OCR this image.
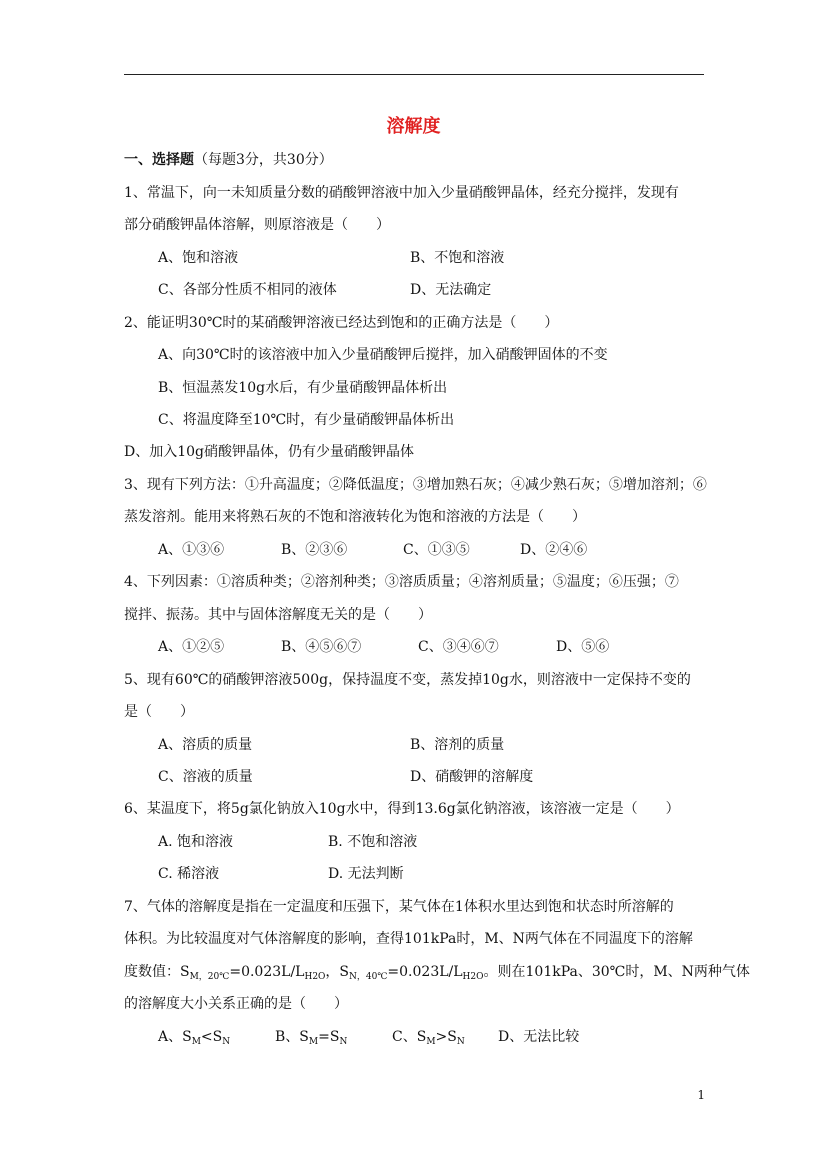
溶解度
一、选择题（每题3分，共30分）
1、常温下，向一未知质量分数的硝酸钾溶液中加入少量硝酸钾晶体，经充分搅拌，发现有
部分硝酸钾晶体溶解，则原溶液是（　　）
A、饱和溶液	B、不饱和溶液
C、各部分性质不相同的液体	D、无法确定
2、能证明30℃时的某硝酸钾溶液已经达到饱和的正确方法是（　　）
A、向30℃时的该溶液中加入少量硝酸钾后搅拌，加入硝酸钾固体的不变
B、恒温蒸发10g水后，有少量硝酸钾晶体析出
C、将温度降至10℃时，有少量硝酸钾晶体析出
D、加入10g硝酸钾晶体，仍有少量硝酸钾晶体
3、现有下列方法：①升高温度；②降低温度；③增加熟石灰；④减少熟石灰；⑤增加溶剂；⑥
蒸发溶剂。能用来将熟石灰的不饱和溶液转化为饱和溶液的方法是（　　）
A、①③⑥	B、②③⑥	C、①③⑤	D、②④⑥
4、下列因素：①溶质种类；②溶剂种类；③溶质质量；④溶剂质量；⑤温度；⑥压强；⑦
搅拌、振荡。其中与固体溶解度无关的是（　　）
A、①②⑤	B、④⑤⑥⑦	C、③④⑥⑦	D、⑤⑥
5、现有60℃的硝酸钾溶液500g，保持温度不变，蒸发掉10g水，则溶液中一定保持不变的
是（　　）
A、溶质的质量	B、溶剂的质量
C、溶液的质量	D、硝酸钾的溶解度
6、某温度下，将5g氯化钠放入10g水中，得到13.6g氯化钠溶液，该溶液一定是（　　）
A. 饱和溶液	B. 不饱和溶液
C. 稀溶液	D. 无法判断
7、气体的溶解度是指在一定温度和压强下，某气体在1体积水里达到饱和状态时所溶解的
体积。为比较温度对气体溶解度的影响，查得101kPa时，M、N两气体在不同温度下的溶解
度数值：$S_{M,20℃}=0.023L/L_{H2O}$，$S_{N,40℃}=0.023L/L_{H2O}$。则在101kPa、30℃时，M、N两种气体
的溶解度大小关系正确的是（　　）
A、$S_M<S_N$	B、$S_M=S_N$	C、$S_M>S_N$ D、无法比较
1
